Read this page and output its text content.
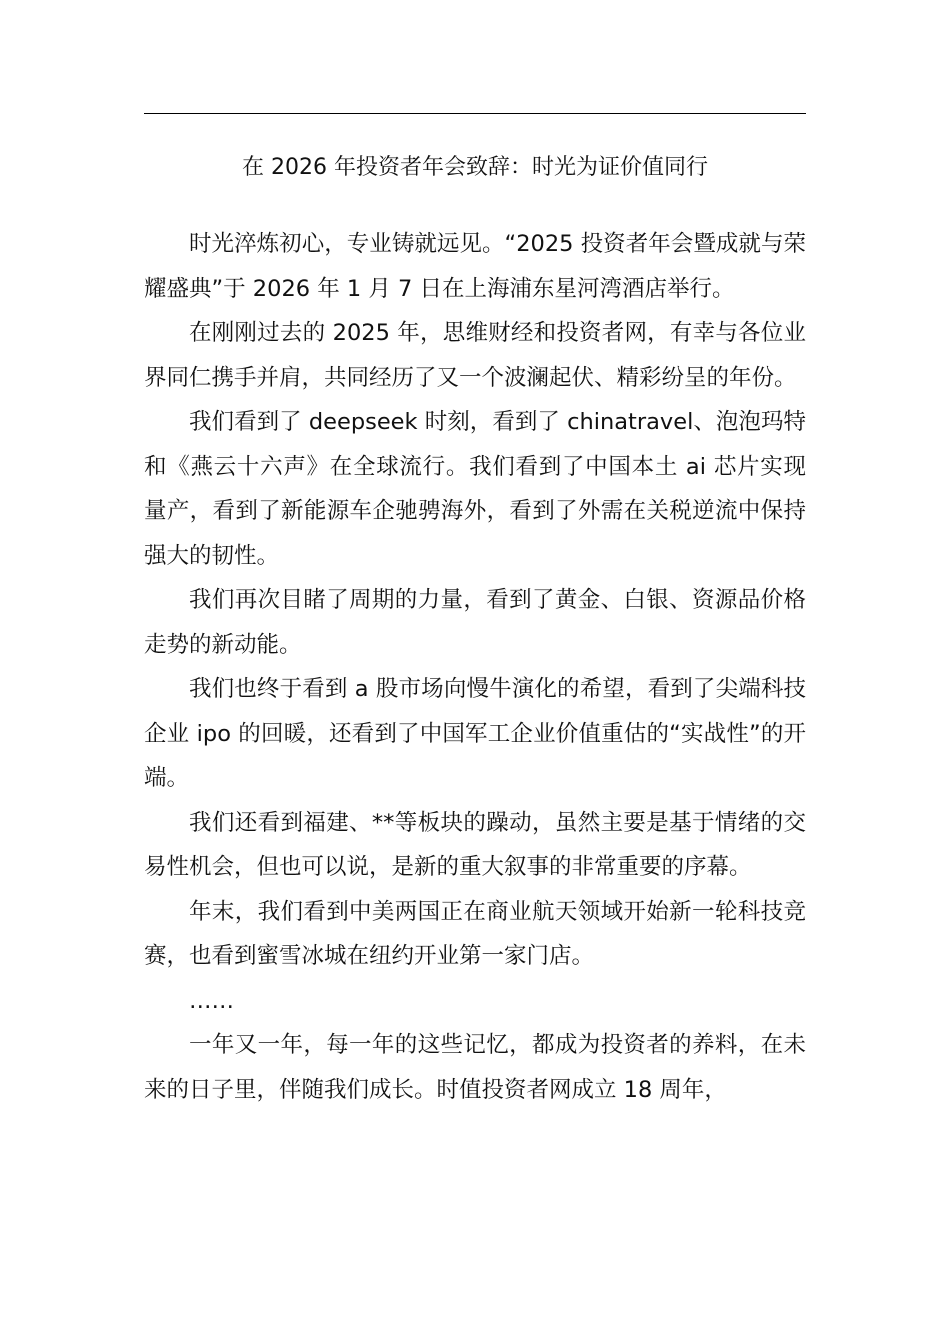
在 2026 年投资者年会致辞：时光为证价值同行

时光淬炼初心，专业铸就远见。“2025 投资者年会暨成就与荣耀盛典”于 2026 年 1 月 7 日在上海浦东星河湾酒店举行。

在刚刚过去的 2025 年，思维财经和投资者网，有幸与各位业界同仁携手并肩，共同经历了又一个波澜起伏、精彩纷呈的年份。

我们看到了 deepseek 时刻，看到了 chinatravel、泡泡玛特和《燕云十六声》在全球流行。我们看到了中国本土 ai 芯片实现量产，看到了新能源车企驰骋海外，看到了外需在关税逆流中保持强大的韧性。

我们再次目睹了周期的力量，看到了黄金、白银、资源品价格走势的新动能。

我们也终于看到 a 股市场向慢牛演化的希望，看到了尖端科技企业 ipo 的回暖，还看到了中国军工企业价值重估的“实战性”的开端。

我们还看到福建、**等板块的躁动，虽然主要是基于情绪的交易性机会，但也可以说，是新的重大叙事的非常重要的序幕。

年末，我们看到中美两国正在商业航天领域开始新一轮科技竞赛，也看到蜜雪冰城在纽约开业第一家门店。

……

一年又一年，每一年的这些记忆，都成为投资者的养料，在未来的日子里，伴随我们成长。时值投资者网成立 18 周年，
